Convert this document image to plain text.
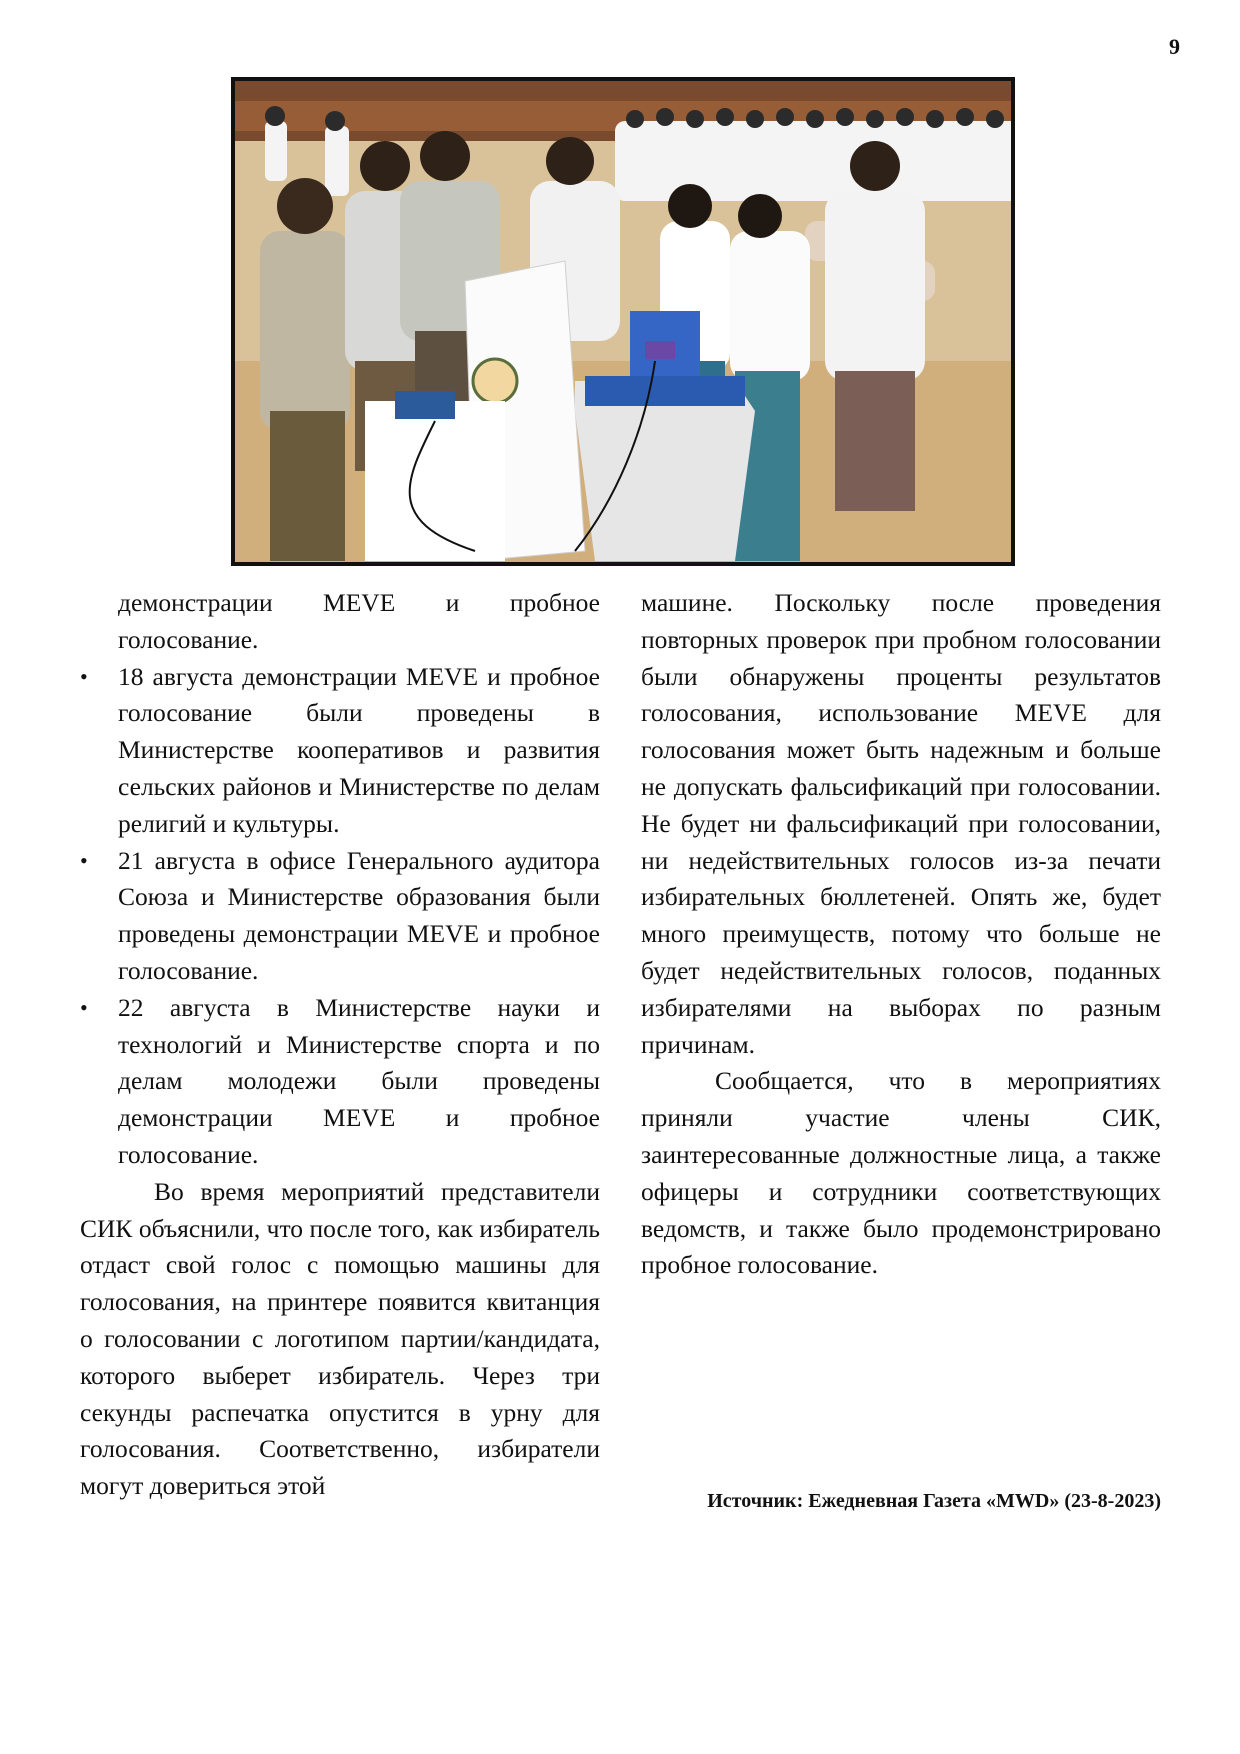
9

демонстрации MEVE и пробное голосование.

• 18 августа демонстрации MEVE и пробное голосование были проведены в Министерстве кооперативов и развития сельских районов и Министерстве по делам религий и культуры.
• 21 августа в офисе Генерального аудитора Союза и Министерстве образования были проведены демонстрации MEVE и пробное голосование.
• 22 августа в Министерстве науки и технологий и Министерстве спорта и по делам молодежи были проведены демонстрации MEVE и пробное голосование.

Во время мероприятий представители СИК объяснили, что после того, как избиратель отдаст свой голос с помощью машины для голосования, на принтере появится квитанция о голосовании с логотипом партии/кандидата, которого выберет избиратель. Через три секунды распечатка опустится в урну для голосования. Соответственно, избиратели могут довериться этой

машине. Поскольку после проведения повторных проверок при пробном голосовании были обнаружены проценты результатов голосования, использование MEVE для голосования может быть надежным и больше не допускать фальсификаций при голосовании. Не будет ни фальсификаций при голосовании, ни недействительных голосов из-за печати избирательных бюллетеней. Опять же, будет много преимуществ, потому что больше не будет недействительных голосов, поданных избирателями на выборах по разным причинам.

Сообщается, что в мероприятиях приняли участие члены СИК, заинтересованные должностные лица, а также офицеры и сотрудники соответствующих ведомств, и также было продемонстрировано пробное голосование.

Источник: Ежедневная Газета «MWD» (23-8-2023)
